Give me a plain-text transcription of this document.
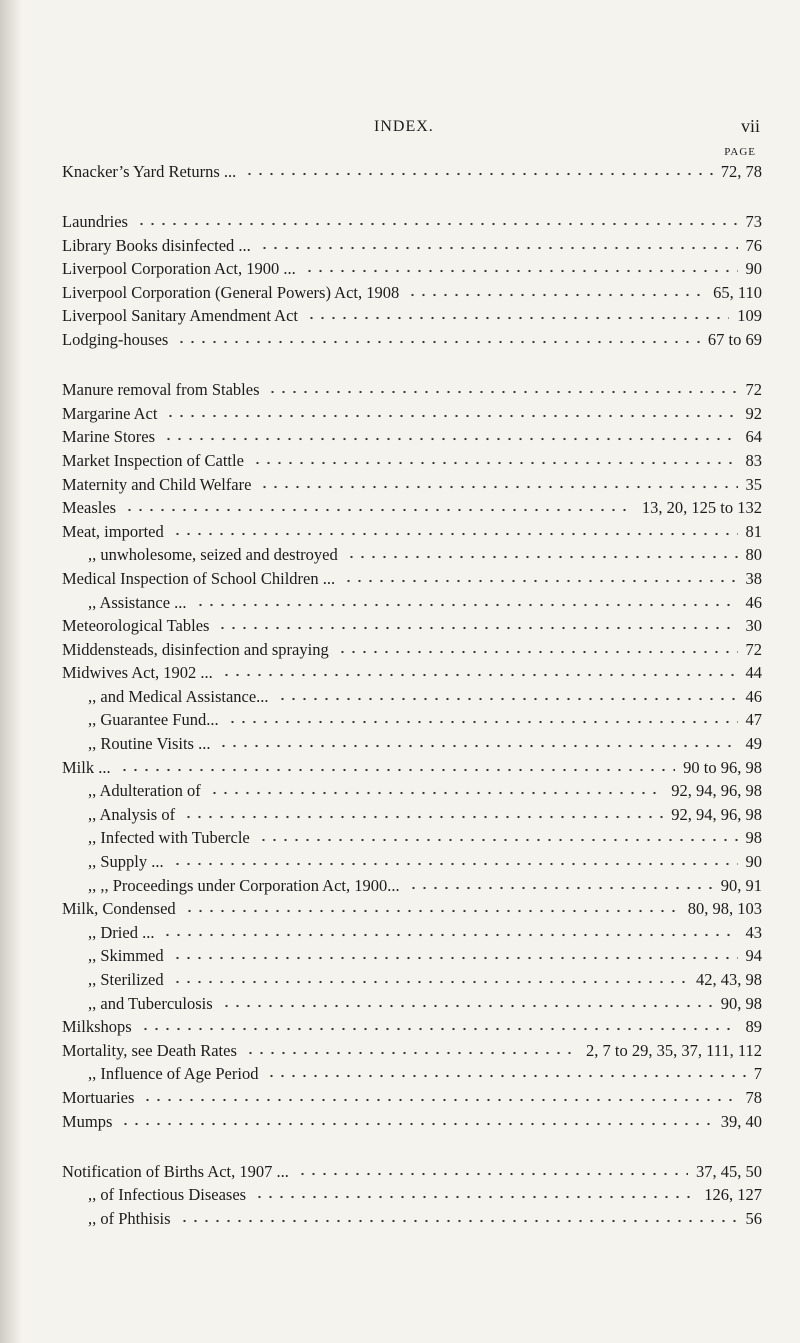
INDEX.	vii
PAGE
Knacker’s Yard Returns ...	72, 78
Laundries	73
Library Books disinfected ...	76
Liverpool Corporation Act, 1900 ...	90
Liverpool Corporation (General Powers) Act, 1908	65, 110
Liverpool Sanitary Amendment Act	109
Lodging-houses	67 to 69
Manure removal from Stables	72
Margarine Act	92
Marine Stores	64
Market Inspection of Cattle	83
Maternity and Child Welfare	35
Measles	13, 20, 125 to 132
Meat, imported	81
,, unwholesome, seized and destroyed	80
Medical Inspection of School Children ...	38
,, Assistance ...	46
Meteorological Tables	30
Middensteads, disinfection and spraying	72
Midwives Act, 1902 ...	44
,, and Medical Assistance...	46
,, Guarantee Fund...	47
,, Routine Visits ...	49
Milk ...	90 to 96, 98
,, Adulteration of	92, 94, 96, 98
,, Analysis of	92, 94, 96, 98
,, Infected with Tubercle	98
,, Supply ...	90
,, ,, Proceedings under Corporation Act, 1900...	90, 91
Milk, Condensed	80, 98, 103
,, Dried ...	43
,, Skimmed	94
,, Sterilized	42, 43, 98
,, and Tuberculosis	90, 98
Milkshops	89
Mortality, see Death Rates	2, 7 to 29, 35, 37, 111, 112
,, Influence of Age Period	7
Mortuaries	78
Mumps	39, 40
Notification of Births Act, 1907 ...	37, 45, 50
,, of Infectious Diseases	126, 127
,, of Phthisis	56
